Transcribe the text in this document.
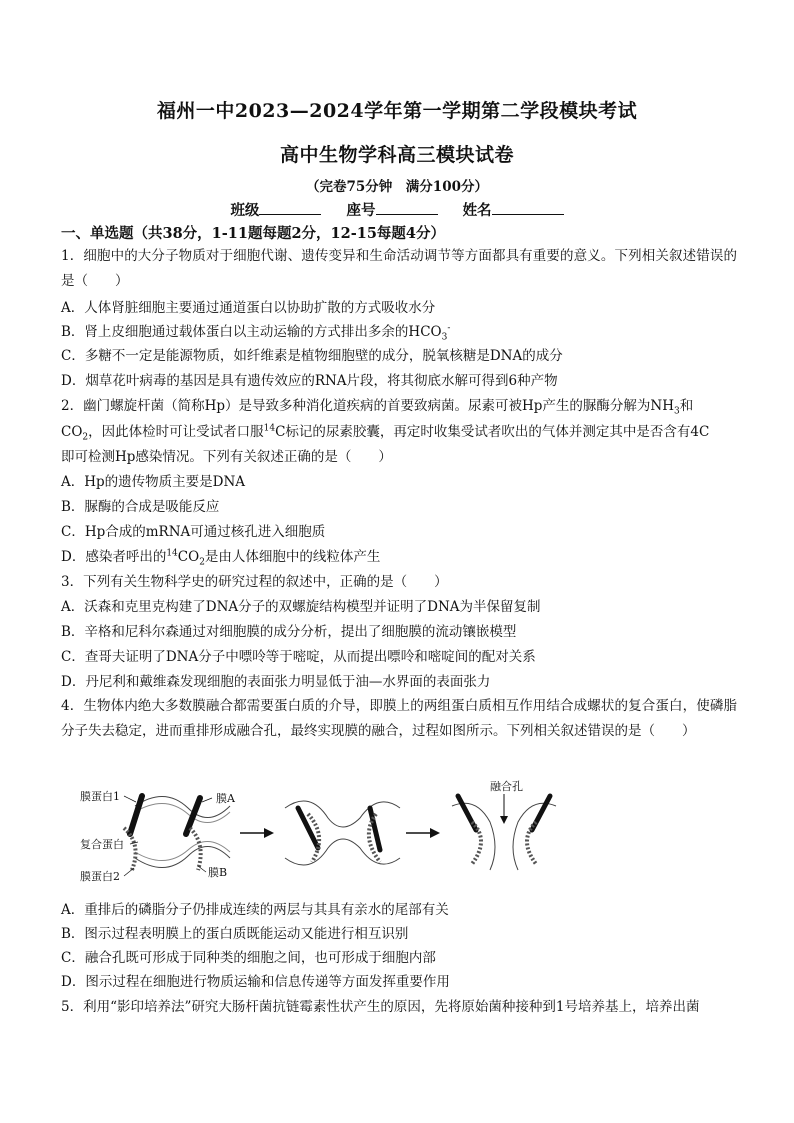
福州一中2023—2024学年第一学期第二学段模块考试
高中生物学科高三模块试卷
（完卷75分钟　满分100分）
班级	座号	姓名
一、单选题（共38分，1-11题每题2分，12-15每题4分）
1．细胞中的大分子物质对于细胞代谢、遗传变异和生命活动调节等方面都具有重要的意义。下列相关叙述错误的是（　　）
A．人体肾脏细胞主要通过通道蛋白以协助扩散的方式吸收水分
B．肾上皮细胞通过载体蛋白以主动运输的方式排出多余的$HCO_3^-$
C．多糖不一定是能源物质，如纤维素是植物细胞壁的成分，脱氧核糖是DNA的成分
D．烟草花叶病毒的基因是具有遗传效应的RNA片段，将其彻底水解可得到6种产物
2．幽门螺旋杆菌（简称Hp）是导致多种消化道疾病的首要致病菌。尿素可被Hp产生的脲酶分解为$NH_3$和
$CO_2$，因此体检时可让受试者口服$^{14}$C标记的尿素胶囊，再定时收集受试者吹出的气体并测定其中是否含有4C
即可检测Hp感染情况。下列有关叙述正确的是（　　）
A．Hp的遗传物质主要是DNA
B．脲酶的合成是吸能反应
C．Hp合成的mRNA可通过核孔进入细胞质
D．感染者呼出的$^{14}CO_2$是由人体细胞中的线粒体产生
3．下列有关生物科学史的研究过程的叙述中，正确的是（　　）
A．沃森和克里克构建了DNA分子的双螺旋结构模型并证明了DNA为半保留复制
B．辛格和尼科尔森通过对细胞膜的成分分析，提出了细胞膜的流动镶嵌模型
C．查哥夫证明了DNA分子中嘌呤等于嘧啶，从而提出嘌呤和嘧啶间的配对关系
D．丹尼利和戴维森发现细胞的表面张力明显低于油—水界面的表面张力
4．生物体内绝大多数膜融合都需要蛋白质的介导，即膜上的两组蛋白质相互作用结合成螺状的复合蛋白，使磷脂分子失去稳定，进而重排形成融合孔，最终实现膜的融合，过程如图所示。下列相关叙述错误的是（　　）
膜蛋白1	膜A
复合蛋白
膜蛋白2	膜B
融合孔
A．重排后的磷脂分子仍排成连续的两层与其具有亲水的尾部有关
B．图示过程表明膜上的蛋白质既能运动又能进行相互识别
C．融合孔既可形成于同种类的细胞之间，也可形成于细胞内部
D．图示过程在细胞进行物质运输和信息传递等方面发挥重要作用
5．利用“影印培养法”研究大肠杆菌抗链霉素性状产生的原因，先将原始菌种接种到1号培养基上，培养出菌
